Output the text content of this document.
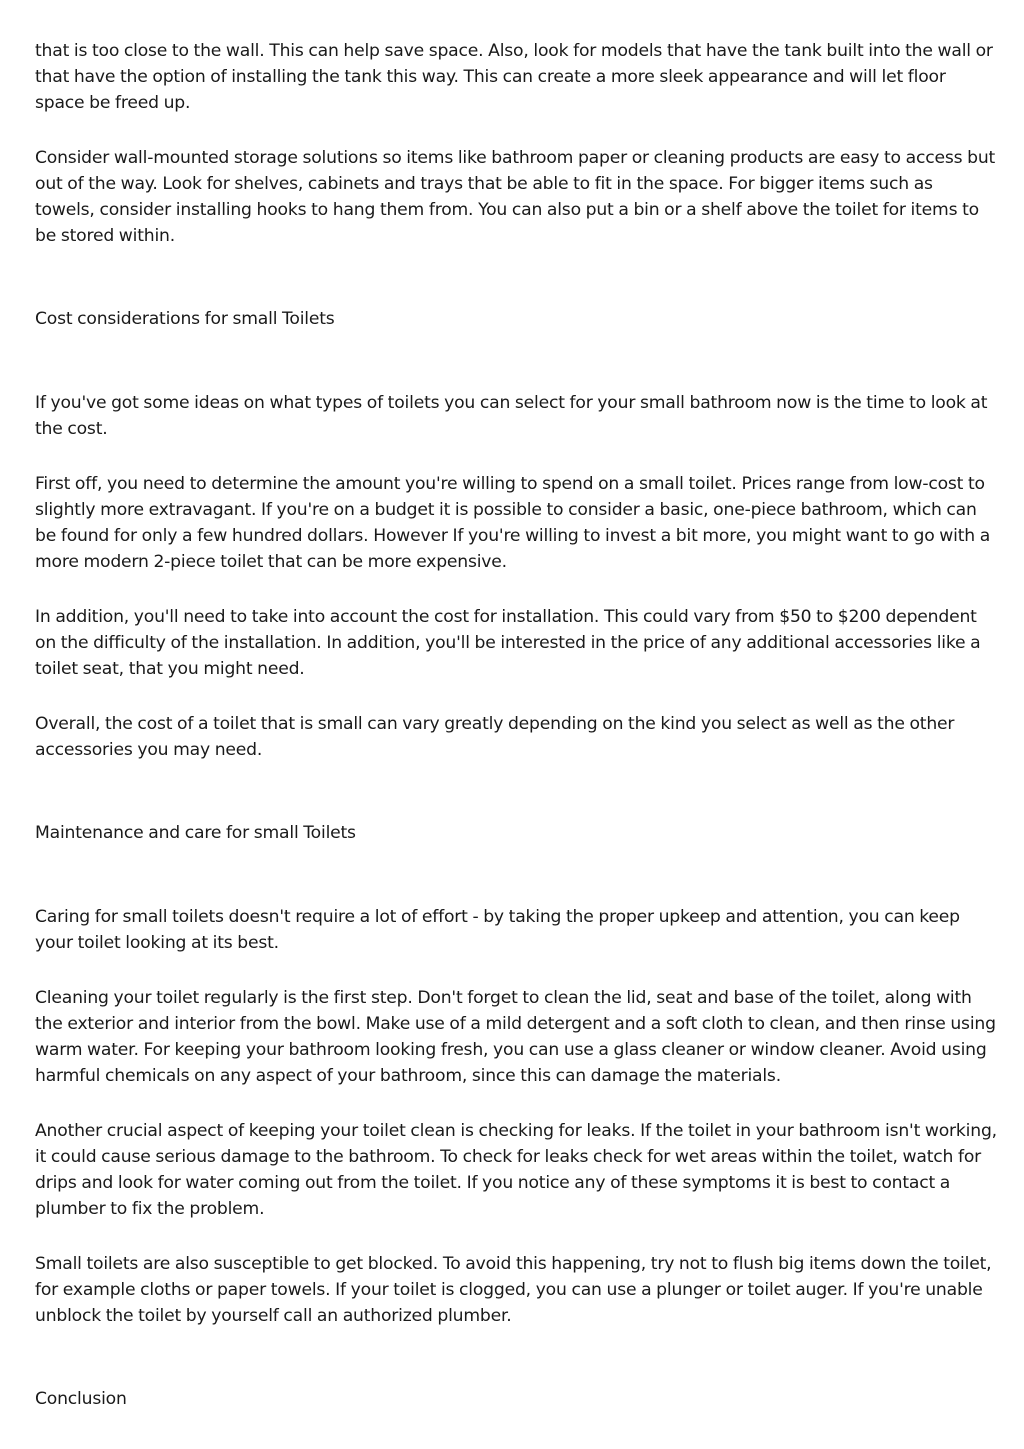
that is too close to the wall. This can help save space. Also, look for models that have the tank built into the wall or that have the option of installing the tank this way. This can create a more sleek appearance and will let floor space be freed up.

Consider wall-mounted storage solutions so items like bathroom paper or cleaning products are easy to access but out of the way. Look for shelves, cabinets and trays that be able to fit in the space. For bigger items such as towels, consider installing hooks to hang them from. You can also put a bin or a shelf above the toilet for items to be stored within.

Cost considerations for small Toilets

If you've got some ideas on what types of toilets you can select for your small bathroom now is the time to look at the cost.

First off, you need to determine the amount you're willing to spend on a small toilet. Prices range from low-cost to slightly more extravagant. If you're on a budget it is possible to consider a basic, one-piece bathroom, which can be found for only a few hundred dollars. However If you're willing to invest a bit more, you might want to go with a more modern 2-piece toilet that can be more expensive.

In addition, you'll need to take into account the cost for installation. This could vary from $50 to $200 dependent on the difficulty of the installation. In addition, you'll be interested in the price of any additional accessories like a toilet seat, that you might need.

Overall, the cost of a toilet that is small can vary greatly depending on the kind you select as well as the other accessories you may need.

Maintenance and care for small Toilets

Caring for small toilets doesn't require a lot of effort - by taking the proper upkeep and attention, you can keep your toilet looking at its best.

Cleaning your toilet regularly is the first step. Don't forget to clean the lid, seat and base of the toilet, along with the exterior and interior from the bowl. Make use of a mild detergent and a soft cloth to clean, and then rinse using warm water. For keeping your bathroom looking fresh, you can use a glass cleaner or window cleaner. Avoid using harmful chemicals on any aspect of your bathroom, since this can damage the materials.

Another crucial aspect of keeping your toilet clean is checking for leaks. If the toilet in your bathroom isn't working, it could cause serious damage to the bathroom. To check for leaks check for wet areas within the toilet, watch for drips and look for water coming out from the toilet. If you notice any of these symptoms it is best to contact a plumber to fix the problem.

Small toilets are also susceptible to get blocked. To avoid this happening, try not to flush big items down the toilet, for example cloths or paper towels. If your toilet is clogged, you can use a plunger or toilet auger. If you're unable unblock the toilet by yourself call an authorized plumber.

Conclusion
